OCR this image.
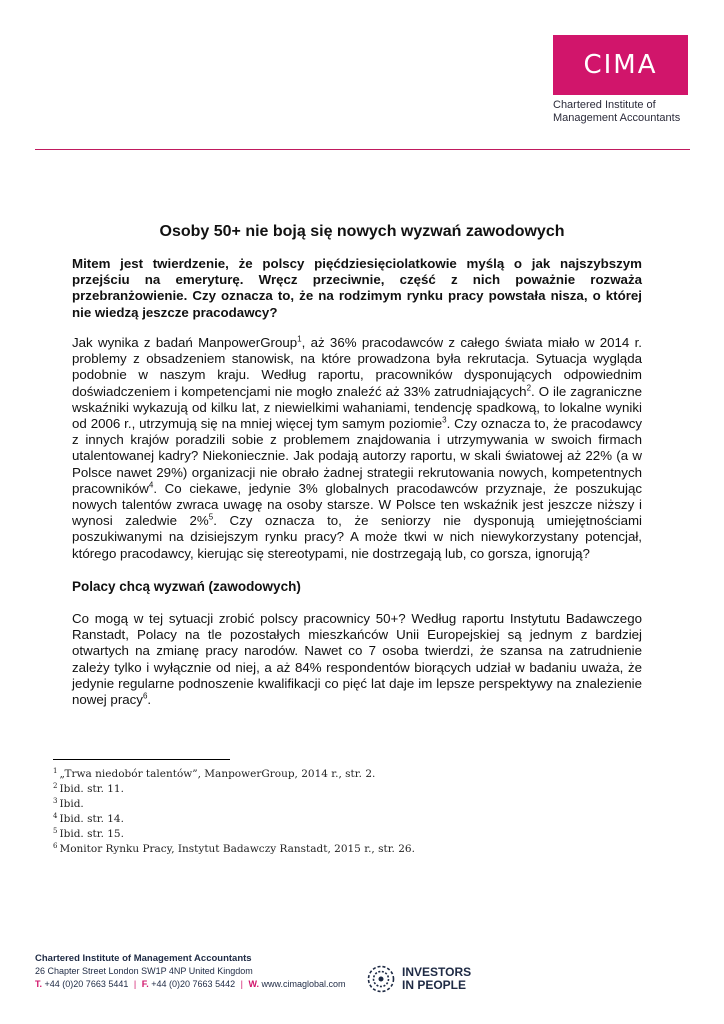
CIMA
Chartered Institute of
Management Accountants
Osoby 50+ nie boją się nowych wyzwań zawodowych

Mitem jest twierdzenie, że polscy pięćdziesięciolatkowie myślą o jak najszybszym przejściu na emeryturę. Wręcz przeciwnie, część z nich poważnie rozważa przebranżowienie. Czy oznacza to, że na rodzimym rynku pracy powstała nisza, o której nie wiedzą jeszcze pracodawcy?

Jak wynika z badań ManpowerGroup$^1$, aż 36% pracodawców z całego świata miało w 2014 r. problemy z obsadzeniem stanowisk, na które prowadzona była rekrutacja. Sytuacja wygląda podobnie w naszym kraju. Według raportu, pracowników dysponujących odpowiednim doświadczeniem i kompetencjami nie mogło znaleźć aż 33% zatrudniających$^2$. O ile zagraniczne wskaźniki wykazują od kilku lat, z niewielkimi wahaniami, tendencję spadkową, to lokalne wyniki od 2006 r., utrzymują się na mniej więcej tym samym poziomie$^3$. Czy oznacza to, że pracodawcy z innych krajów poradzili sobie z problemem znajdowania i utrzymywania w swoich firmach utalentowanej kadry? Niekoniecznie. Jak podają autorzy raportu, w skali światowej aż 22% (a w Polsce nawet 29%) organizacji nie obrało żadnej strategii rekrutowania nowych, kompetentnych pracowników$^4$. Co ciekawe, jedynie 3% globalnych pracodawców przyznaje, że poszukując nowych talentów zwraca uwagę na osoby starsze. W Polsce ten wskaźnik jest jeszcze niższy i wynosi zaledwie 2%$^5$. Czy oznacza to, że seniorzy nie dysponują umiejętnościami poszukiwanymi na dzisiejszym rynku pracy? A może tkwi w nich niewykorzystany potencjał, którego pracodawcy, kierując się stereotypami, nie dostrzegają lub, co gorsza, ignorują?

Polacy chcą wyzwań (zawodowych)

Co mogą w tej sytuacji zrobić polscy pracownicy 50+? Według raportu Instytutu Badawczego Ranstadt, Polacy na tle pozostałych mieszkańców Unii Europejskiej są jednym z bardziej otwartych na zmianę pracy narodów. Nawet co 7 osoba twierdzi, że szansa na zatrudnienie zależy tylko i wyłącznie od niej, a aż 84% respondentów biorących udział w badaniu uważa, że jedynie regularne podnoszenie kwalifikacji co pięć lat daje im lepsze perspektywy na znalezienie nowej pracy$^6$.

$^1$ „Trwa niedobór talentów”, ManpowerGroup, 2014 r., str. 2.
$^2$ Ibid. str. 11.
$^3$ Ibid.
$^4$ Ibid. str. 14.
$^5$ Ibid. str. 15.
$^6$ Monitor Rynku Pracy, Instytut Badawczy Ranstadt, 2015 r., str. 26.
Chartered Institute of Management Accountants
26 Chapter Street London SW1P 4NP United Kingdom
T. +44 (0)20 7663 5441 | F. +44 (0)20 7663 5442 | W. www.cimaglobal.com
INVESTORS
IN PEOPLE
